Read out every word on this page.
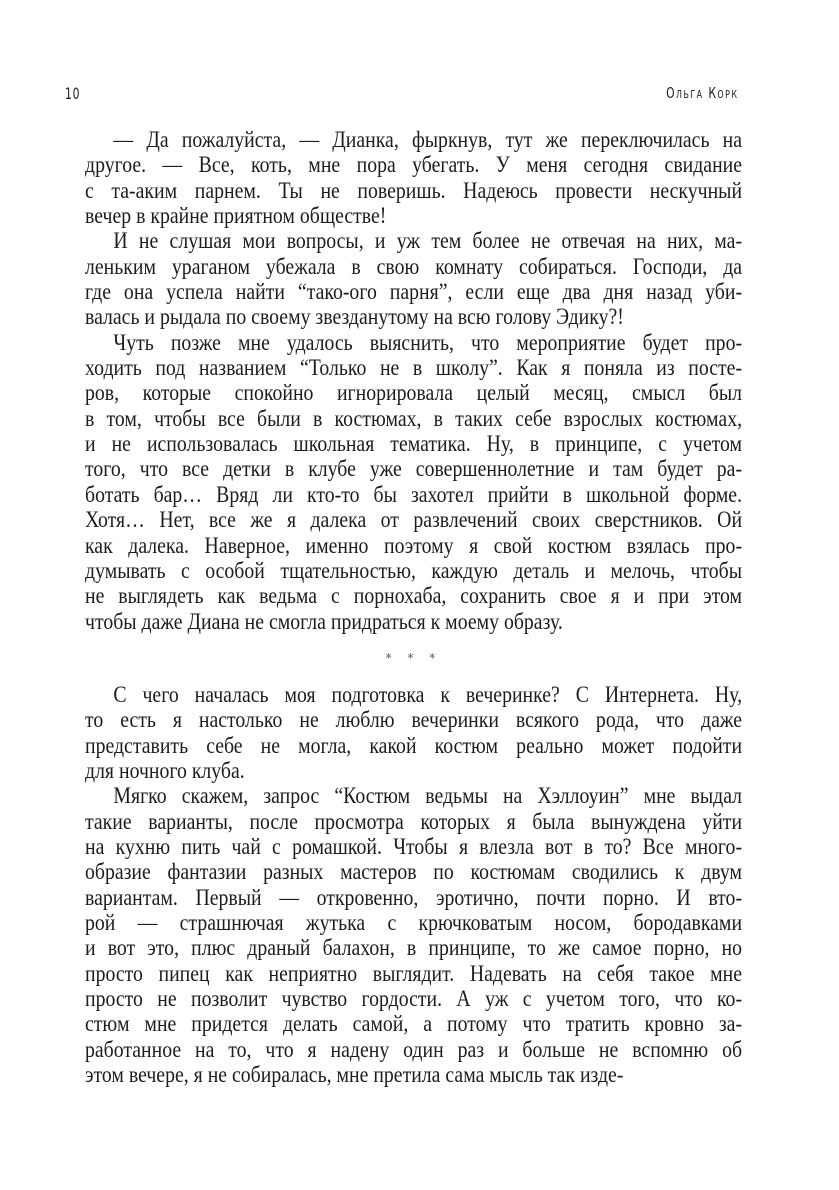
10	Ольга Корк
— Да пожалуйста, — Дианка, фыркнув, тут же переключилась на
другое. — Все, коть, мне пора убегать. У меня сегодня свидание
с та-аким парнем. Ты не поверишь. Надеюсь провести нескучный
вечер в крайне приятном обществе!
И не слушая мои вопросы, и уж тем более не отвечая на них, ма-
леньким ураганом убежала в свою комнату собираться. Господи, да
где она успела найти “тако-ого парня”, если еще два дня назад уби-
валась и рыдала по своему звезданутому на всю голову Эдику?!
Чуть позже мне удалось выяснить, что мероприятие будет про-
ходить под названием “Только не в школу”. Как я поняла из посте-
ров, которые спокойно игнорировала целый месяц, смысл был
в том, чтобы все были в костюмах, в таких себе взрослых костюмах,
и не использовалась школьная тематика. Ну, в принципе, с учетом
того, что все детки в клубе уже совершеннолетние и там будет ра-
ботать бар… Вряд ли кто-то бы захотел прийти в школьной форме.
Хотя… Нет, все же я далека от развлечений своих сверстников. Ой
как далека. Наверное, именно поэтому я свой костюм взялась про-
думывать с особой тщательностью, каждую деталь и мелочь, чтобы
не выглядеть как ведьма с порнохаба, сохранить свое я и при этом
чтобы даже Диана не смогла придраться к моему образу.
* * *
С чего началась моя подготовка к вечеринке? С Интернета. Ну,
то есть я настолько не люблю вечеринки всякого рода, что даже
представить себе не могла, какой костюм реально может подойти
для ночного клуба.
Мягко скажем, запрос “Костюм ведьмы на Хэллоуин” мне выдал
такие варианты, после просмотра которых я была вынуждена уйти
на кухню пить чай с ромашкой. Чтобы я влезла вот в то? Все много-
образие фантазии разных мастеров по костюмам сводились к двум
вариантам. Первый — откровенно, эротично, почти порно. И вто-
рой — страшнючая жутька с крючковатым носом, бородавками
и вот это, плюс драный балахон, в принципе, то же самое порно, но
просто пипец как неприятно выглядит. Надевать на себя такое мне
просто не позволит чувство гордости. А уж с учетом того, что ко-
стюм мне придется делать самой, а потому что тратить кровно за-
работанное на то, что я надену один раз и больше не вспомню об
этом вечере, я не собиралась, мне претила сама мысль так изде-
